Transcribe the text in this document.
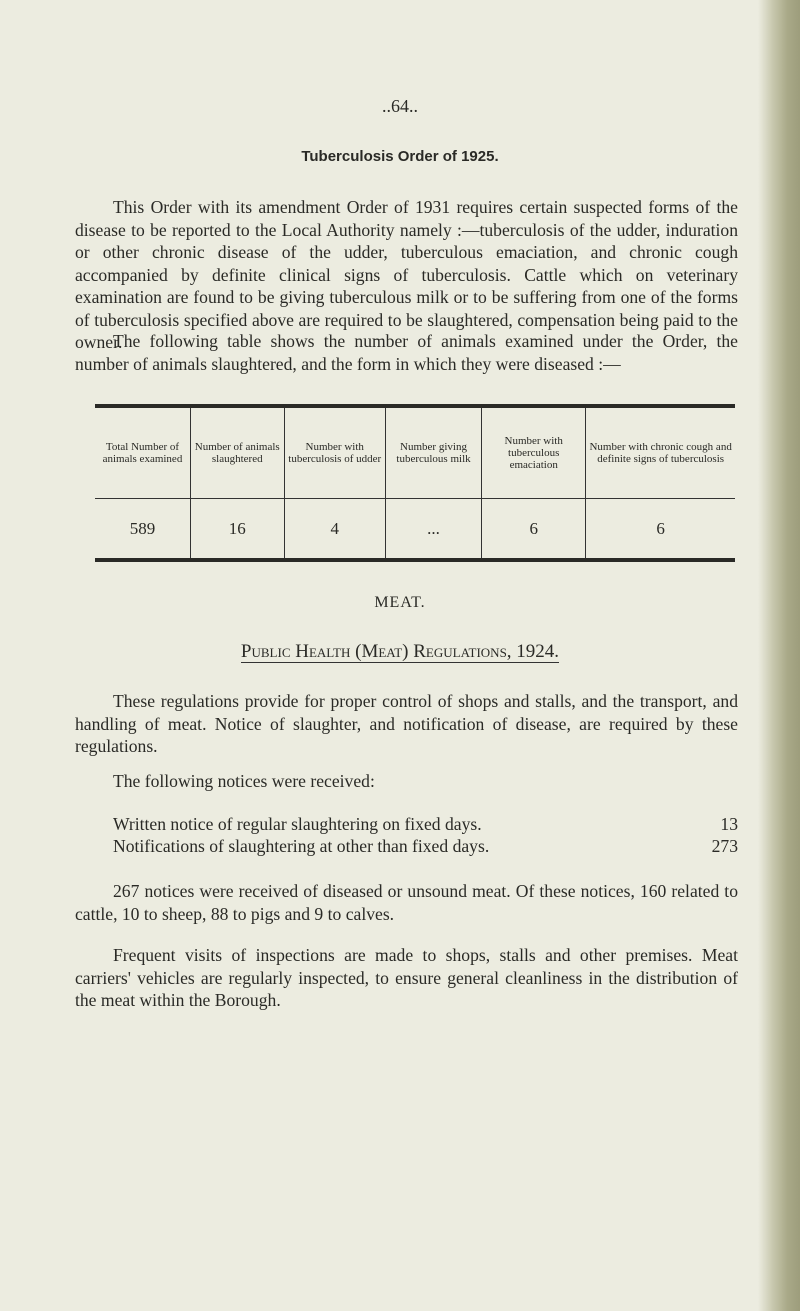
..64..
Tuberculosis Order of 1925.

This Order with its amendment Order of 1931 requires certain suspected forms of the disease to be reported to the Local Authority namely :—tuberculosis of the udder, induration or other chronic disease of the udder, tuberculous emaciation, and chronic cough accompanied by definite clinical signs of tuberculosis. Cattle which on veterinary examination are found to be giving tuberculous milk or to be suffering from one of the forms of tuberculosis specified above are required to be slaughtered, compensation being paid to the owner.

The following table shows the number of animals examined under the Order, the number of animals slaughtered, and the form in which they were diseased :—

Total Number of animals examined	Number of animals slaughtered	Number with tuberculosis of udder	Number giving tuberculous milk	Number with tuberculous emaciation	Number with chronic cough and definite signs of tuberculosis
589	16	4	...	6	6
MEAT.
Public Health (Meat) Regulations, 1924.

These regulations provide for proper control of shops and stalls, and the transport, and handling of meat. Notice of slaughter, and notification of disease, are required by these regulations.

The following notices were received:

Written notice of regular slaughtering on fixed days.	13
Notifications of slaughtering at other than fixed days.	273

267 notices were received of diseased or unsound meat. Of these notices, 160 related to cattle, 10 to sheep, 88 to pigs and 9 to calves.

Frequent visits of inspections are made to shops, stalls and other premises. Meat carriers' vehicles are regularly inspected, to ensure general cleanliness in the distribution of the meat within the Borough.
